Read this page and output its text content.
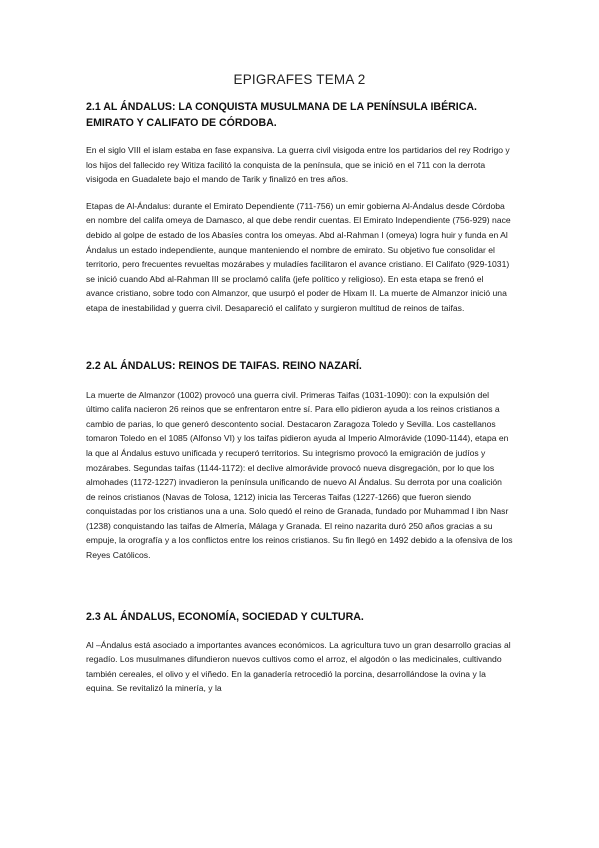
EPIGRAFES TEMA 2
2.1 AL ÁNDALUS: LA CONQUISTA MUSULMANA DE LA PENÍNSULA IBÉRICA. EMIRATO Y CALIFATO DE CÓRDOBA.

En el siglo VIII el islam estaba en fase expansiva. La guerra civil visigoda entre los partidarios del rey Rodrigo y los hijos del fallecido rey Witiza facilitó la conquista de la península, que se inició en el 711 con la derrota visigoda en Guadalete bajo el mando de Tarik y finalizó en tres años.

Etapas de Al-Ándalus: durante el Emirato Dependiente (711-756) un emir gobierna Al-Ándalus desde Córdoba en nombre del califa omeya de Damasco, al que debe rendir cuentas. El Emirato Independiente (756-929) nace debido al golpe de estado de los Abasíes contra los omeyas. Abd al-Rahman I (omeya) logra huir y funda en Al Ándalus un estado independiente, aunque manteniendo el nombre de emirato. Su objetivo fue consolidar el territorio, pero frecuentes revueltas mozárabes y muladíes facilitaron el avance cristiano. El Califato (929-1031) se inició cuando Abd al-Rahman III se proclamó califa (jefe político y religioso). En esta etapa se frenó el avance cristiano, sobre todo con Almanzor, que usurpó el poder de Hixam II. La muerte de Almanzor inició una etapa de inestabilidad y guerra civil. Desapareció el califato y surgieron multitud de reinos de taifas.

2.2 AL ÁNDALUS: REINOS DE TAIFAS. REINO NAZARÍ.

La muerte de Almanzor (1002) provocó una guerra civil. Primeras Taifas (1031-1090): con la expulsión del último califa nacieron 26 reinos que se enfrentaron entre sí. Para ello pidieron ayuda a los reinos cristianos a cambio de parias, lo que generó descontento social. Destacaron Zaragoza Toledo y Sevilla. Los castellanos tomaron Toledo en el 1085 (Alfonso VI) y los taifas pidieron ayuda al Imperio Almorávide (1090-1144), etapa en la que al Ándalus estuvo unificada y recuperó territorios. Su integrismo provocó la emigración de judíos y mozárabes. Segundas taifas (1144-1172): el declive almorávide provocó nueva disgregación, por lo que los almohades (1172-1227) invadieron la península unificando de nuevo Al Ándalus. Su derrota por una coalición de reinos cristianos (Navas de Tolosa, 1212) inicia las Terceras Taifas (1227-1266) que fueron siendo conquistadas por los cristianos una a una. Solo quedó el reino de Granada, fundado por Muhammad I ibn Nasr (1238) conquistando las taifas de Almería, Málaga y Granada. El reino nazarita duró 250 años gracias a su empuje, la orografía y a los conflictos entre los reinos cristianos. Su fin llegó en 1492 debido a la ofensiva de los Reyes Católicos.

2.3 AL ÁNDALUS, ECONOMÍA, SOCIEDAD Y CULTURA.

Al –Ándalus está asociado a importantes avances económicos. La agricultura tuvo un gran desarrollo gracias al regadío. Los musulmanes difundieron nuevos cultivos como el arroz, el algodón o las medicinales, cultivando también cereales, el olivo y el viñedo. En la ganadería retrocedió la porcina, desarrollándose la ovina y la equina. Se revitalizó la minería, y la
